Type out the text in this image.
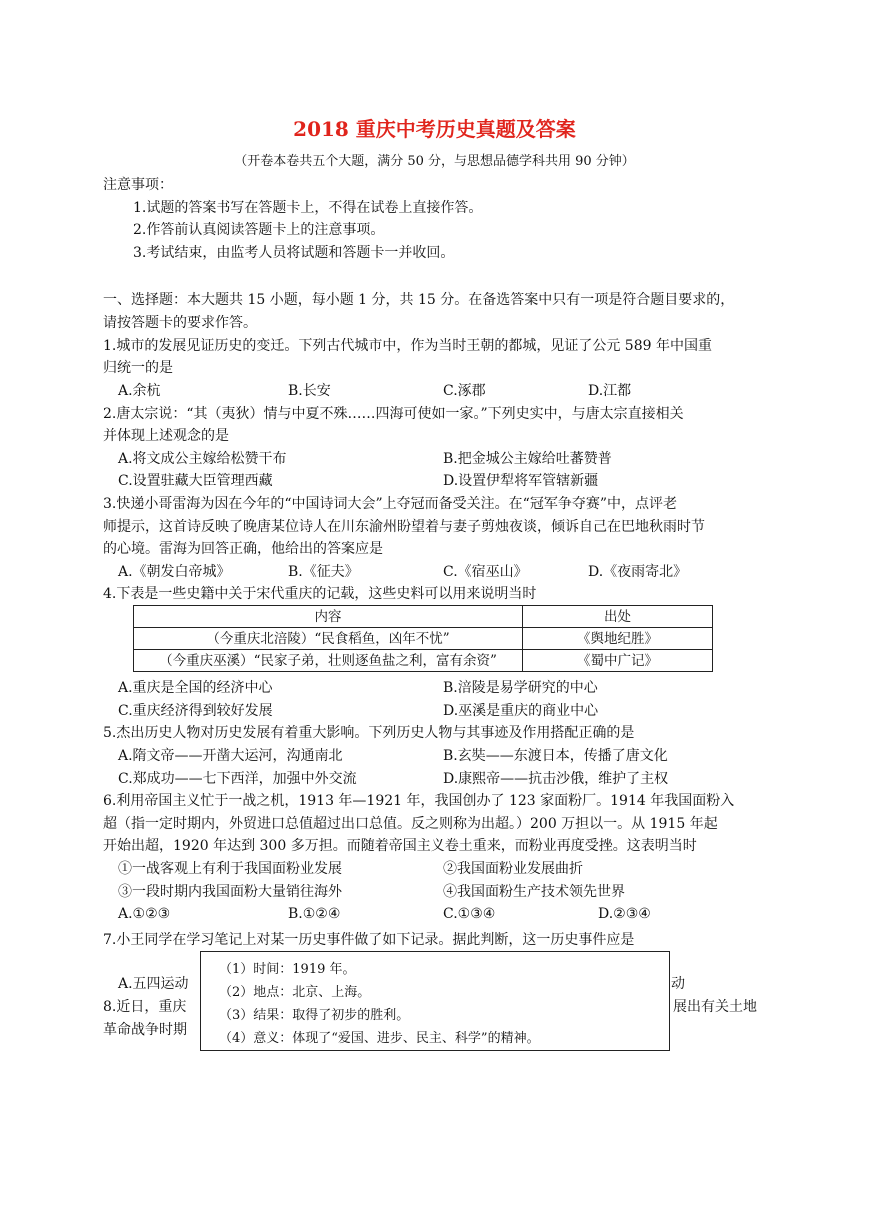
2018 重庆中考历史真题及答案
（开卷本卷共五个大题，满分 50 分，与思想品德学科共用 90 分钟）
注意事项：
1.试题的答案书写在答题卡上，不得在试卷上直接作答。
2.作答前认真阅读答题卡上的注意事项。
3.考试结束，由监考人员将试题和答题卡一并收回。
一、选择题：本大题共 15 小题，每小题 1 分，共 15 分。在备选答案中只有一项是符合题目要求的，
请按答题卡的要求作答。
1.城市的发展见证历史的变迁。下列古代城市中，作为当时王朝的都城，见证了公元 589 年中国重
归统一的是
A.余杭	B.长安	C.涿郡	D.江都
2.唐太宗说：“其（夷狄）情与中夏不殊……四海可使如一家。”下列史实中，与唐太宗直接相关
并体现上述观念的是
A.将文成公主嫁给松赞干布	B.把金城公主嫁给吐蕃赞普
C.设置驻藏大臣管理西藏	D.设置伊犁将军管辖新疆
3.快递小哥雷海为因在今年的“中国诗词大会”上夺冠而备受关注。在“冠军争夺赛”中，点评老
师提示，这首诗反映了晚唐某位诗人在川东渝州盼望着与妻子剪烛夜谈，倾诉自己在巴地秋雨时节
的心境。雷海为回答正确，他给出的答案应是
A.《朝发白帝城》	B.《征夫》	C.《宿巫山》	D.《夜雨寄北》
4.下表是一些史籍中关于宋代重庆的记载，这些史料可以用来说明当时
内容	出处
（今重庆北涪陵）“民食稻鱼，凶年不忧”	《舆地纪胜》
（今重庆巫溪）“民家子弟，壮则逐鱼盐之利，富有余资”	《蜀中广记》
A.重庆是全国的经济中心	B.涪陵是易学研究的中心
C.重庆经济得到较好发展	D.巫溪是重庆的商业中心
5.杰出历史人物对历史发展有着重大影响。下列历史人物与其事迹及作用搭配正确的是
A.隋文帝——开凿大运河，沟通南北	B.玄奘——东渡日本，传播了唐文化
C.郑成功——七下西洋，加强中外交流	D.康熙帝——抗击沙俄，维护了主权
6.利用帝国主义忙于一战之机，1913 年—1921 年，我国创办了 123 家面粉厂。1914 年我国面粉入
超（指一定时期内，外贸进口总值超过出口总值。反之则称为出超。）200 万担以一。从 1915 年起
开始出超，1920 年达到 300 多万担。而随着帝国主义卷土重来，而粉业再度受挫。这表明当时
①一战客观上有利于我国面粉业发展	②我国面粉业发展曲折
③一段时期内我国面粉大量销往海外	④我国面粉生产技术领先世界
A.①②③	B.①②④	C.①③④	D.②③④
7.小王同学在学习笔记上对某一历史事件做了如下记录。据此判断，这一历史事件应是
A.五四运动	动
8.近日，重庆	展出有关土地
革命战争时期
（1）时间：1919 年。
（2）地点：北京、上海。
（3）结果：取得了初步的胜利。
（4）意义：体现了“爱国、进步、民主、科学”的精神。
